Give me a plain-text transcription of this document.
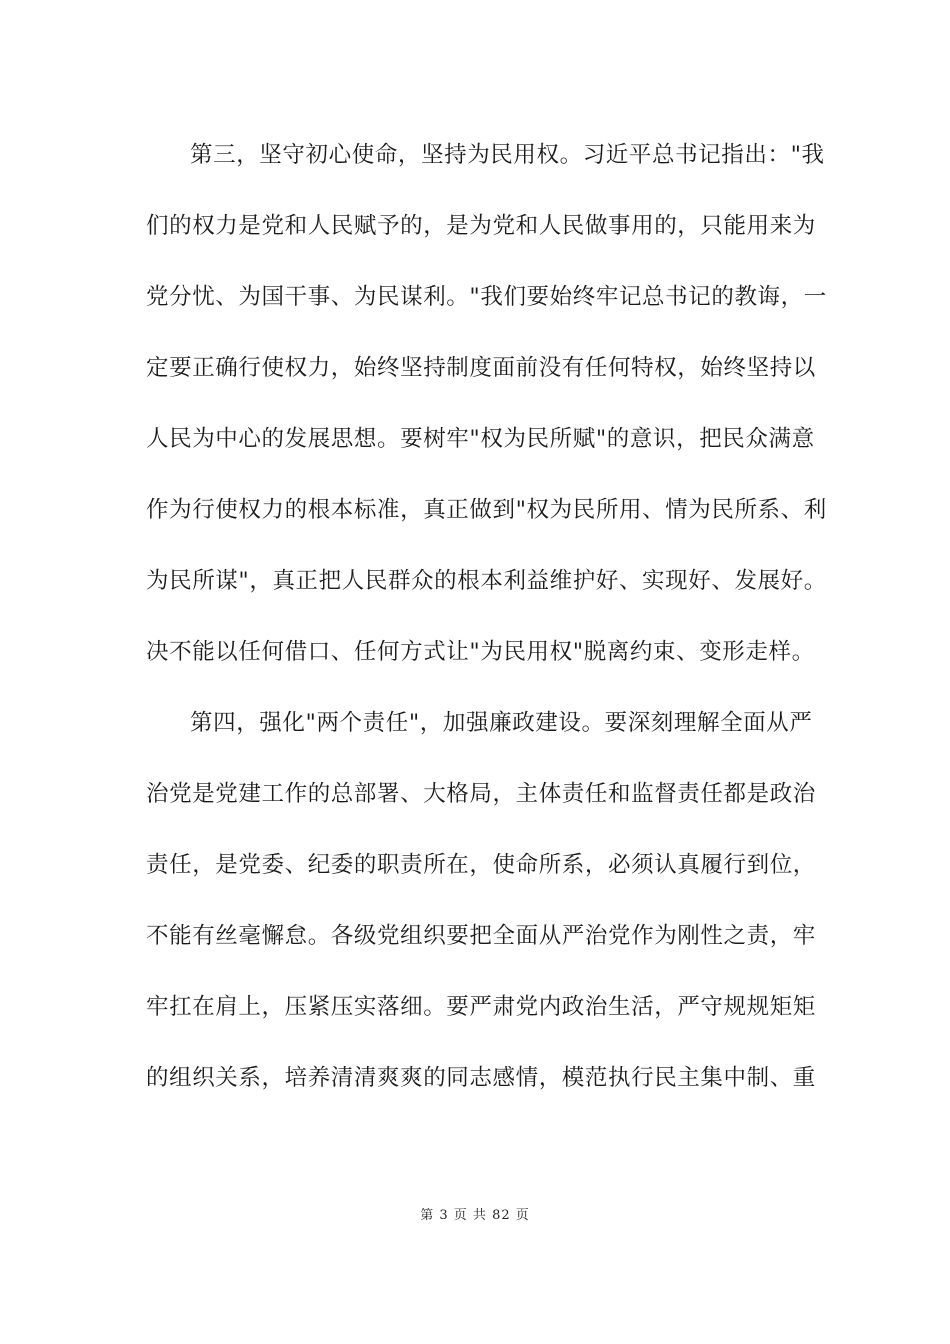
第三，坚守初心使命，坚持为民用权。习近平总书记指出："我
们的权力是党和人民赋予的，是为党和人民做事用的，只能用来为
党分忧、为国干事、为民谋利。"我们要始终牢记总书记的教诲，一
定要正确行使权力，始终坚持制度面前没有任何特权，始终坚持以
人民为中心的发展思想。要树牢"权为民所赋"的意识，把民众满意
作为行使权力的根本标准，真正做到"权为民所用、情为民所系、利
为民所谋"，真正把人民群众的根本利益维护好、实现好、发展好。
决不能以任何借口、任何方式让"为民用权"脱离约束、变形走样。
第四，强化"两个责任"，加强廉政建设。要深刻理解全面从严
治党是党建工作的总部署、大格局，主体责任和监督责任都是政治
责任，是党委、纪委的职责所在，使命所系，必须认真履行到位，
不能有丝毫懈怠。各级党组织要把全面从严治党作为刚性之责，牢
牢扛在肩上，压紧压实落细。要严肃党内政治生活，严守规规矩矩
的组织关系，培养清清爽爽的同志感情，模范执行民主集中制、重
第 3 页 共 82 页
